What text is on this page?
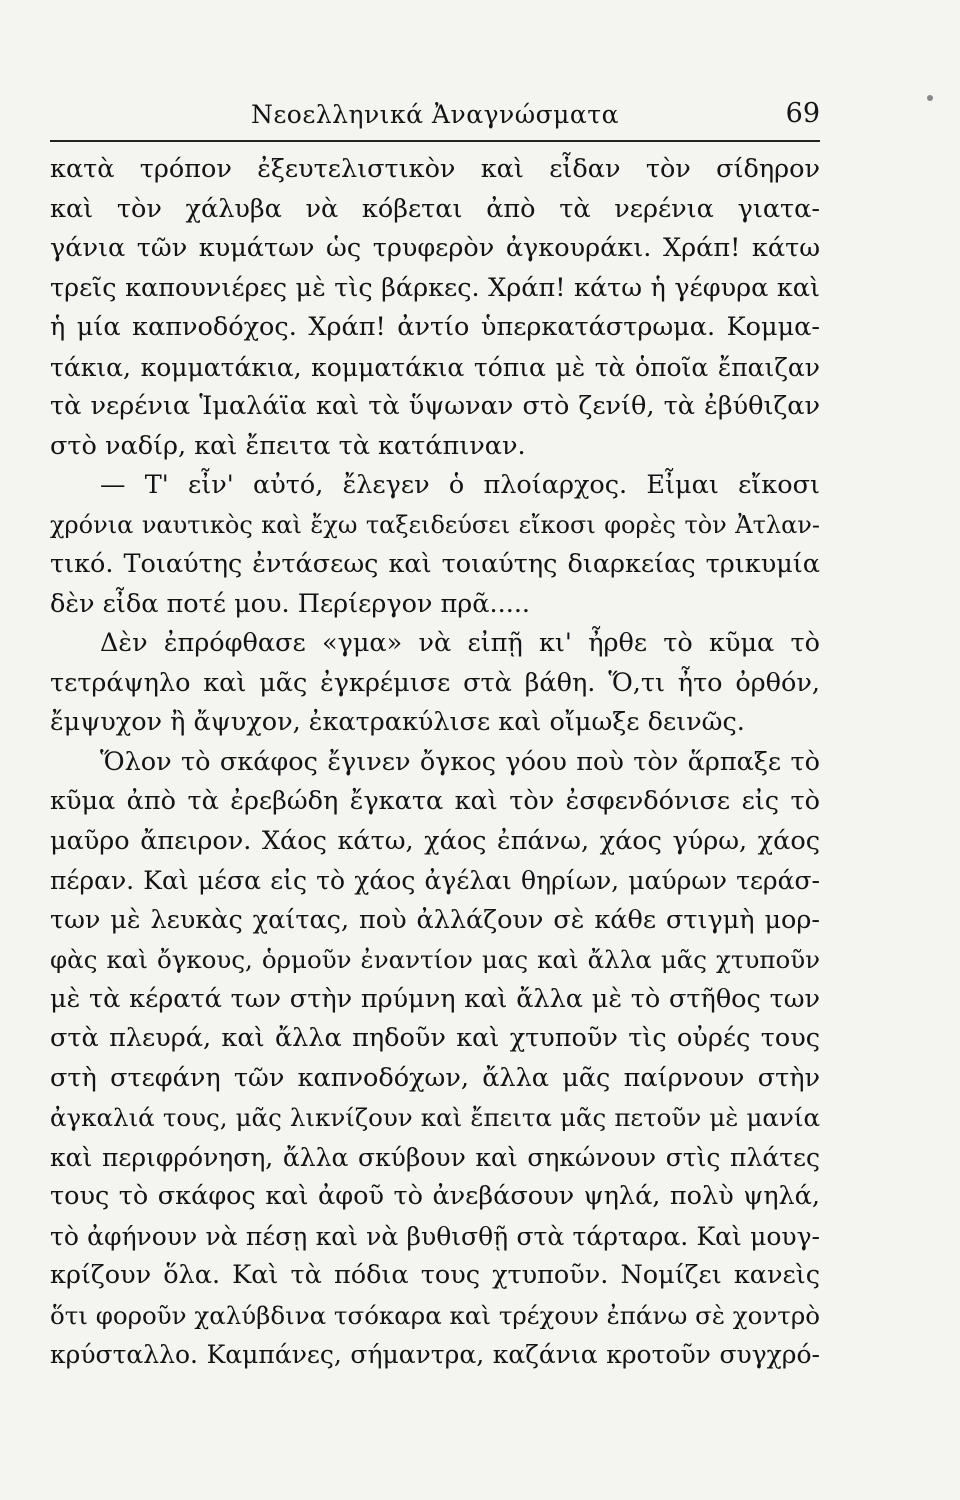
Νεοελληνικά Ἀναγνώσματα	69
κατὰ τρόπον ἐξευτελιστικὸν καὶ εἶδαν τὸν σίδηρον
καὶ τὸν χάλυβα νὰ κόβεται ἀπὸ τὰ νερένια γιατα-
γάνια τῶν κυμάτων ὡς τρυφερὸν ἀγκουράκι. Χράπ! κάτω
τρεῖς καπουνιέρες μὲ τὶς βάρκες. Χράπ! κάτω ἡ γέφυρα καὶ
ἡ μία καπνοδόχος. Χράπ! ἀντίο ὑπερκατάστρωμα. Κομμα-
τάκια, κομματάκια, κομματάκια τόπια μὲ τὰ ὁποῖα ἔπαιζαν
τὰ νερένια Ἱμαλάϊα καὶ τὰ ὕψωναν στὸ ζενίθ, τὰ ἐβύθιζαν
στὸ ναδίρ, καὶ ἔπειτα τὰ κατάπιναν.
— Τ' εἶν' αὐτό, ἔλεγεν ὁ πλοίαρχος. Εἶμαι εἴκοσι
χρόνια ναυτικὸς καὶ ἔχω ταξειδεύσει εἴκοσι φορὲς τὸν Ἀτλαν-
τικό. Τοιαύτης ἐντάσεως καὶ τοιαύτης διαρκείας τρικυμία
δὲν εἶδα ποτέ μου. Περίεργον πρᾶ.....
Δὲν ἐπρόφθασε «γμα» νὰ εἰπῇ κι' ἦρθε τὸ κῦμα τὸ
τετράψηλο καὶ μᾶς ἐγκρέμισε στὰ βάθη. Ὅ,τι ἦτο ὀρθόν,
ἔμψυχον ἢ ἄψυχον, ἐκατρακύλισε καὶ οἴμωξε δεινῶς.
Ὅλον τὸ σκάφος ἔγινεν ὄγκος γόου ποὺ τὸν ἅρπαξε τὸ
κῦμα ἀπὸ τὰ ἐρεβώδη ἔγκατα καὶ τὸν ἐσφενδόνισε εἰς τὸ
μαῦρο ἄπειρον. Χάος κάτω, χάος ἐπάνω, χάος γύρω, χάος
πέραν. Καὶ μέσα εἰς τὸ χάος ἀγέλαι θηρίων, μαύρων τεράσ-
των μὲ λευκὰς χαίτας, ποὺ ἀλλάζουν σὲ κάθε στιγμὴ μορ-
φὰς καὶ ὄγκους, ὁρμοῦν ἐναντίον μας καὶ ἄλλα μᾶς χτυποῦν
μὲ τὰ κέρατά των στὴν πρύμνη καὶ ἄλλα μὲ τὸ στῆθος των
στὰ πλευρά, καὶ ἄλλα πηδοῦν καὶ χτυποῦν τὶς οὐρές τους
στὴ στεφάνη τῶν καπνοδόχων, ἄλλα μᾶς παίρνουν στὴν
ἀγκαλιά τους, μᾶς λικνίζουν καὶ ἔπειτα μᾶς πετοῦν μὲ μανία
καὶ περιφρόνηση, ἄλλα σκύβουν καὶ σηκώνουν στὶς πλάτες
τους τὸ σκάφος καὶ ἀφοῦ τὸ ἀνεβάσουν ψηλά, πολὺ ψηλά,
τὸ ἀφήνουν νὰ πέσῃ καὶ νὰ βυθισθῇ στὰ τάρταρα. Καὶ μουγ-
κρίζουν ὅλα. Καὶ τὰ πόδια τους χτυποῦν. Νομίζει κανεὶς
ὅτι φοροῦν χαλύβδινα τσόκαρα καὶ τρέχουν ἐπάνω σὲ χοντρὸ
κρύσταλλο. Καμπάνες, σήμαντρα, καζάνια κροτοῦν συγχρό-
